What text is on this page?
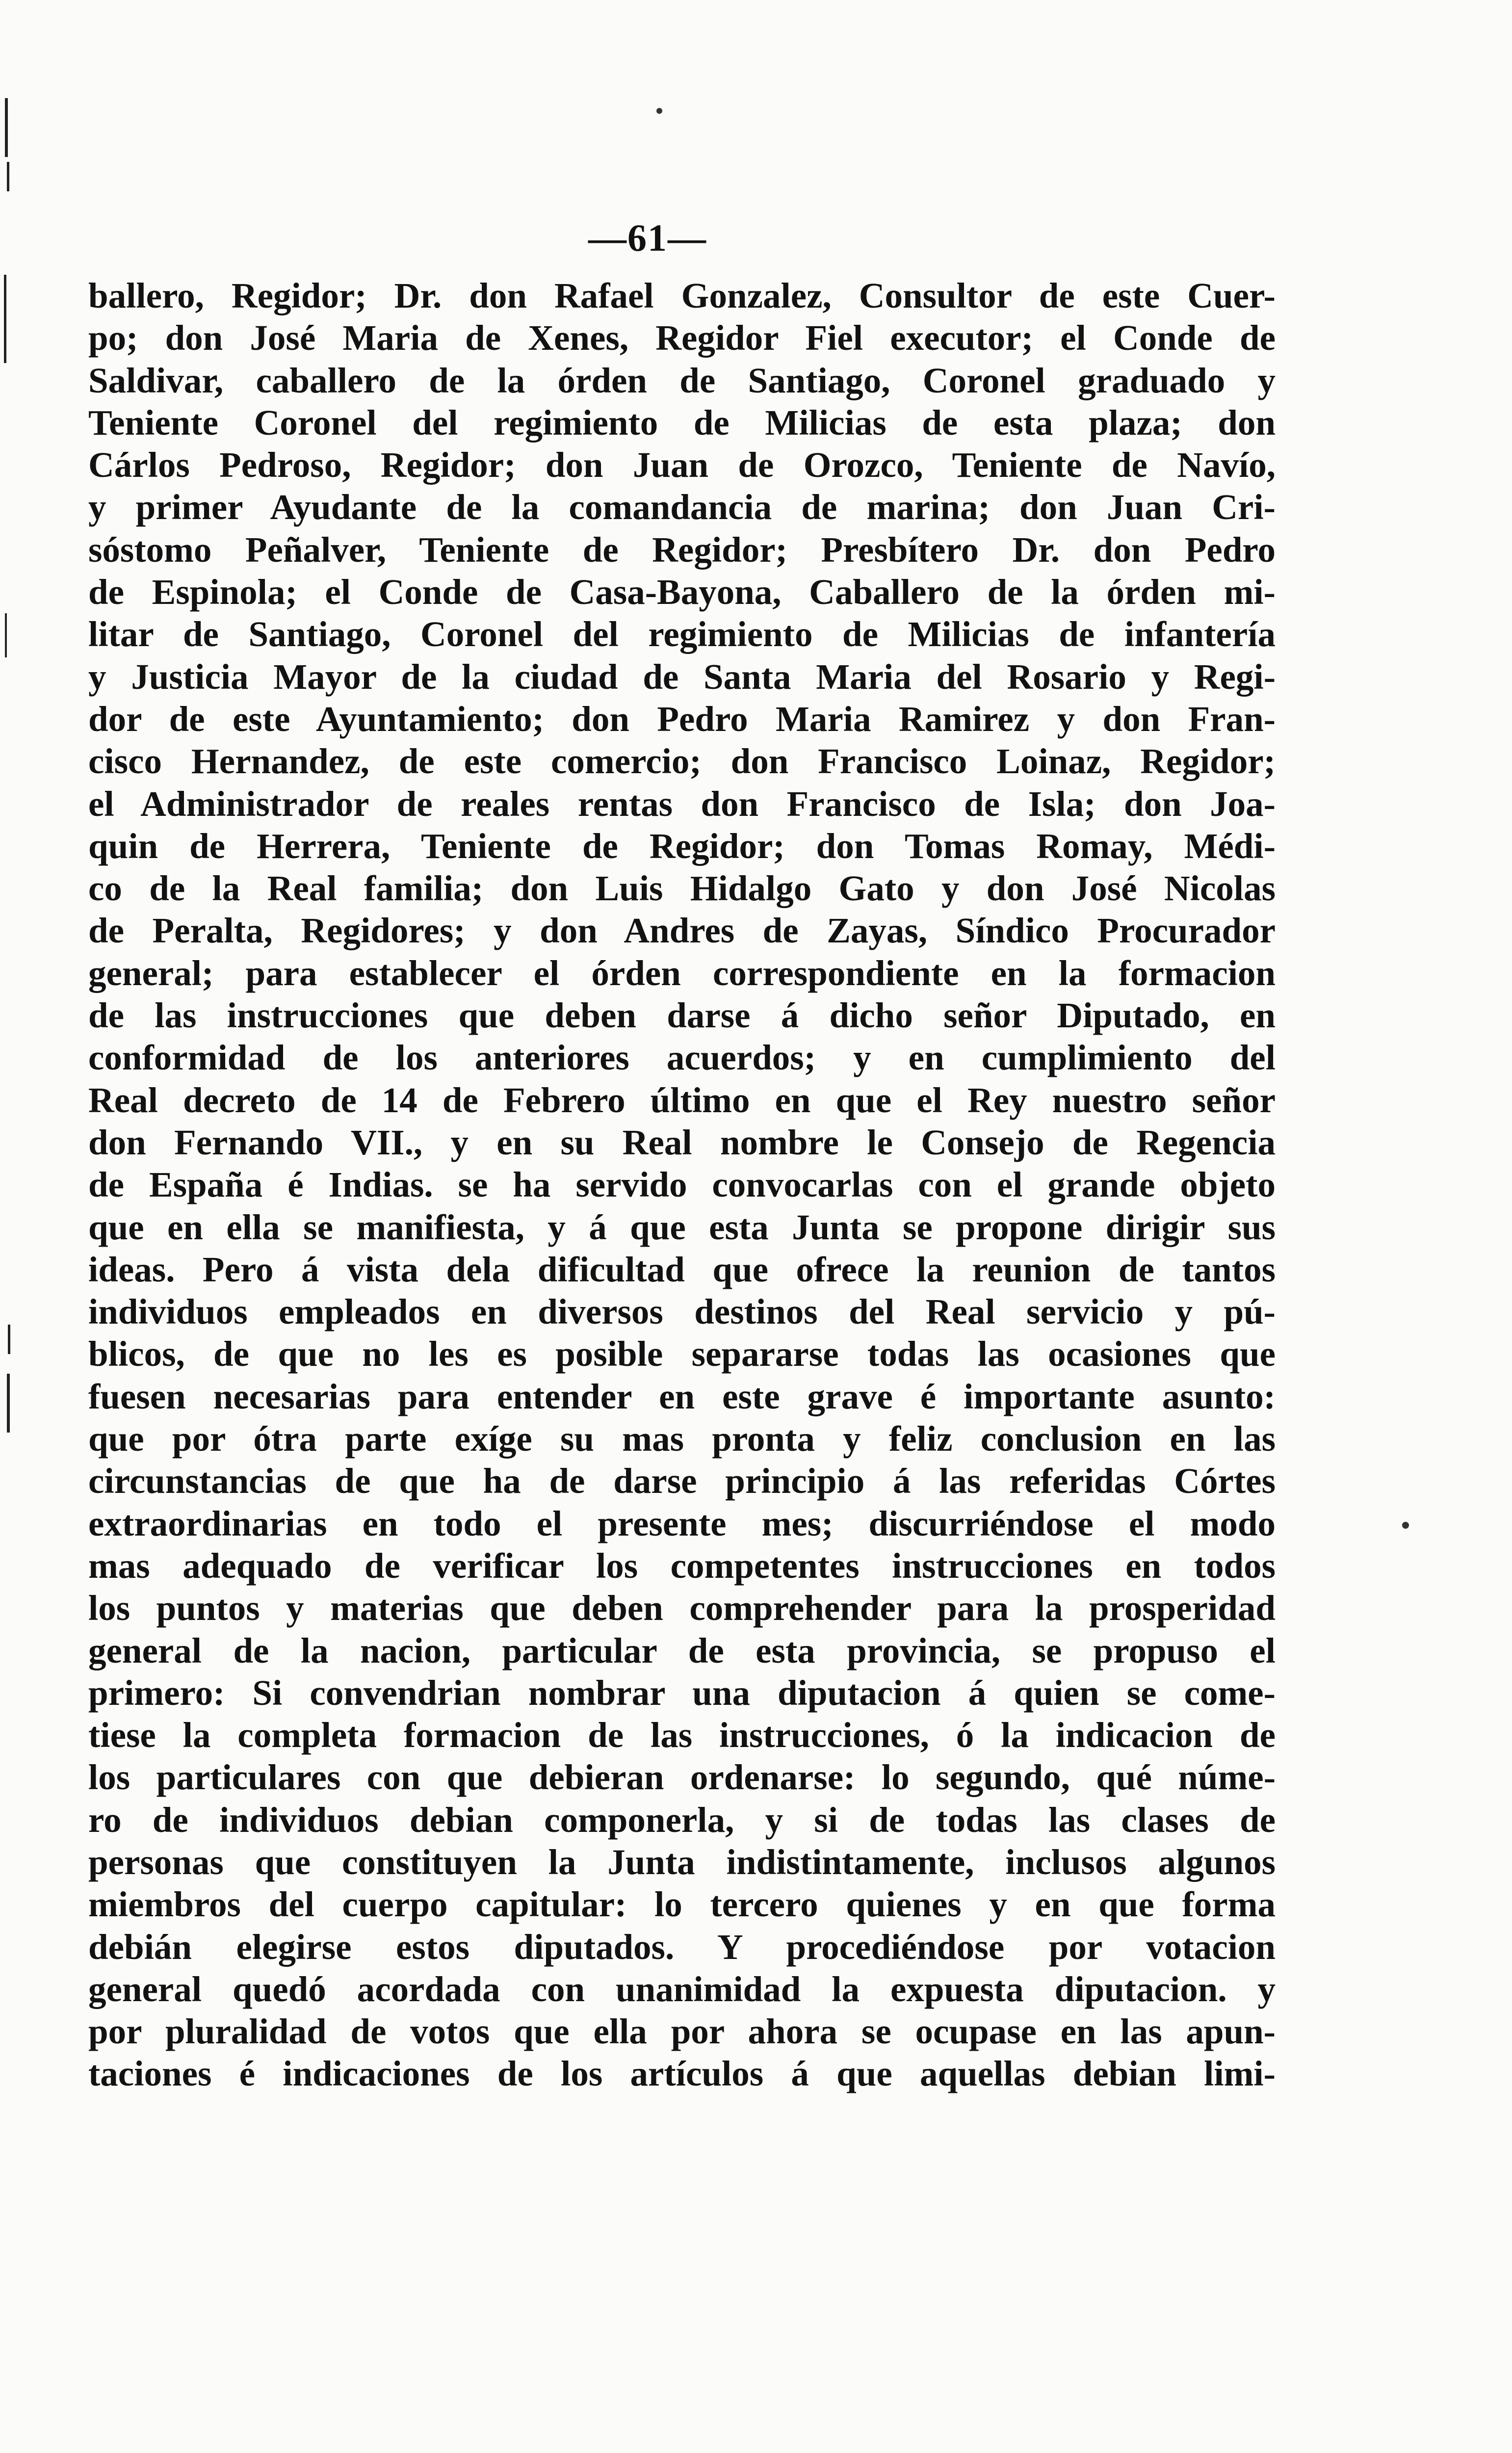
—61—
ballero, Regidor; Dr. don Rafael Gonzalez, Consultor de este Cuer-
po; don José Maria de Xenes, Regidor Fiel executor; el Conde de
Saldivar, caballero de la órden de Santiago, Coronel graduado y
Teniente Coronel del regimiento de Milicias de esta plaza; don
Cárlos Pedroso, Regidor; don Juan de Orozco, Teniente de Navío,
y primer Ayudante de la comandancia de marina; don Juan Cri-
sóstomo Peñalver, Teniente de Regidor; Presbítero Dr. don Pedro
de Espinola; el Conde de Casa-Bayona, Caballero de la órden mi-
litar de Santiago, Coronel del regimiento de Milicias de infantería
y Justicia Mayor de la ciudad de Santa Maria del Rosario y Regi-
dor de este Ayuntamiento; don Pedro Maria Ramirez y don Fran-
cisco Hernandez, de este comercio; don Francisco Loinaz, Regidor;
el Administrador de reales rentas don Francisco de Isla; don Joa-
quin de Herrera, Teniente de Regidor; don Tomas Romay, Médi-
co de la Real familia; don Luis Hidalgo Gato y don José Nicolas
de Peralta, Regidores; y don Andres de Zayas, Síndico Procurador
general; para establecer el órden correspondiente en la formacion
de las instrucciones que deben darse á dicho señor Diputado, en
conformidad de los anteriores acuerdos; y en cumplimiento del
Real decreto de 14 de Febrero último en que el Rey nuestro señor
don Fernando VII., y en su Real nombre le Consejo de Regencia
de España é Indias. se ha servido convocarlas con el grande objeto
que en ella se manifiesta, y á que esta Junta se propone dirigir sus
ideas. Pero á vista dela dificultad que ofrece la reunion de tantos
individuos empleados en diversos destinos del Real servicio y pú-
blicos, de que no les es posible separarse todas las ocasiones que
fuesen necesarias para entender en este grave é importante asunto:
que por ótra parte exíge su mas pronta y feliz conclusion en las
circunstancias de que ha de darse principio á las referidas Córtes
extraordinarias en todo el presente mes; discurriéndose el modo
mas adequado de verificar los competentes instrucciones en todos
los puntos y materias que deben comprehender para la prosperidad
general de la nacion, particular de esta provincia, se propuso el
primero: Si convendrian nombrar una diputacion á quien se come-
tiese la completa formacion de las instrucciones, ó la indicacion de
los particulares con que debieran ordenarse: lo segundo, qué núme-
ro de individuos debian componerla, y si de todas las clases de
personas que constituyen la Junta indistintamente, inclusos algunos
miembros del cuerpo capitular: lo tercero quienes y en que forma
debián elegirse estos diputados. Y procediéndose por votacion
general quedó acordada con unanimidad la expuesta diputacion. y
por pluralidad de votos que ella por ahora se ocupase en las apun-
taciones é indicaciones de los artículos á que aquellas debian limi-
